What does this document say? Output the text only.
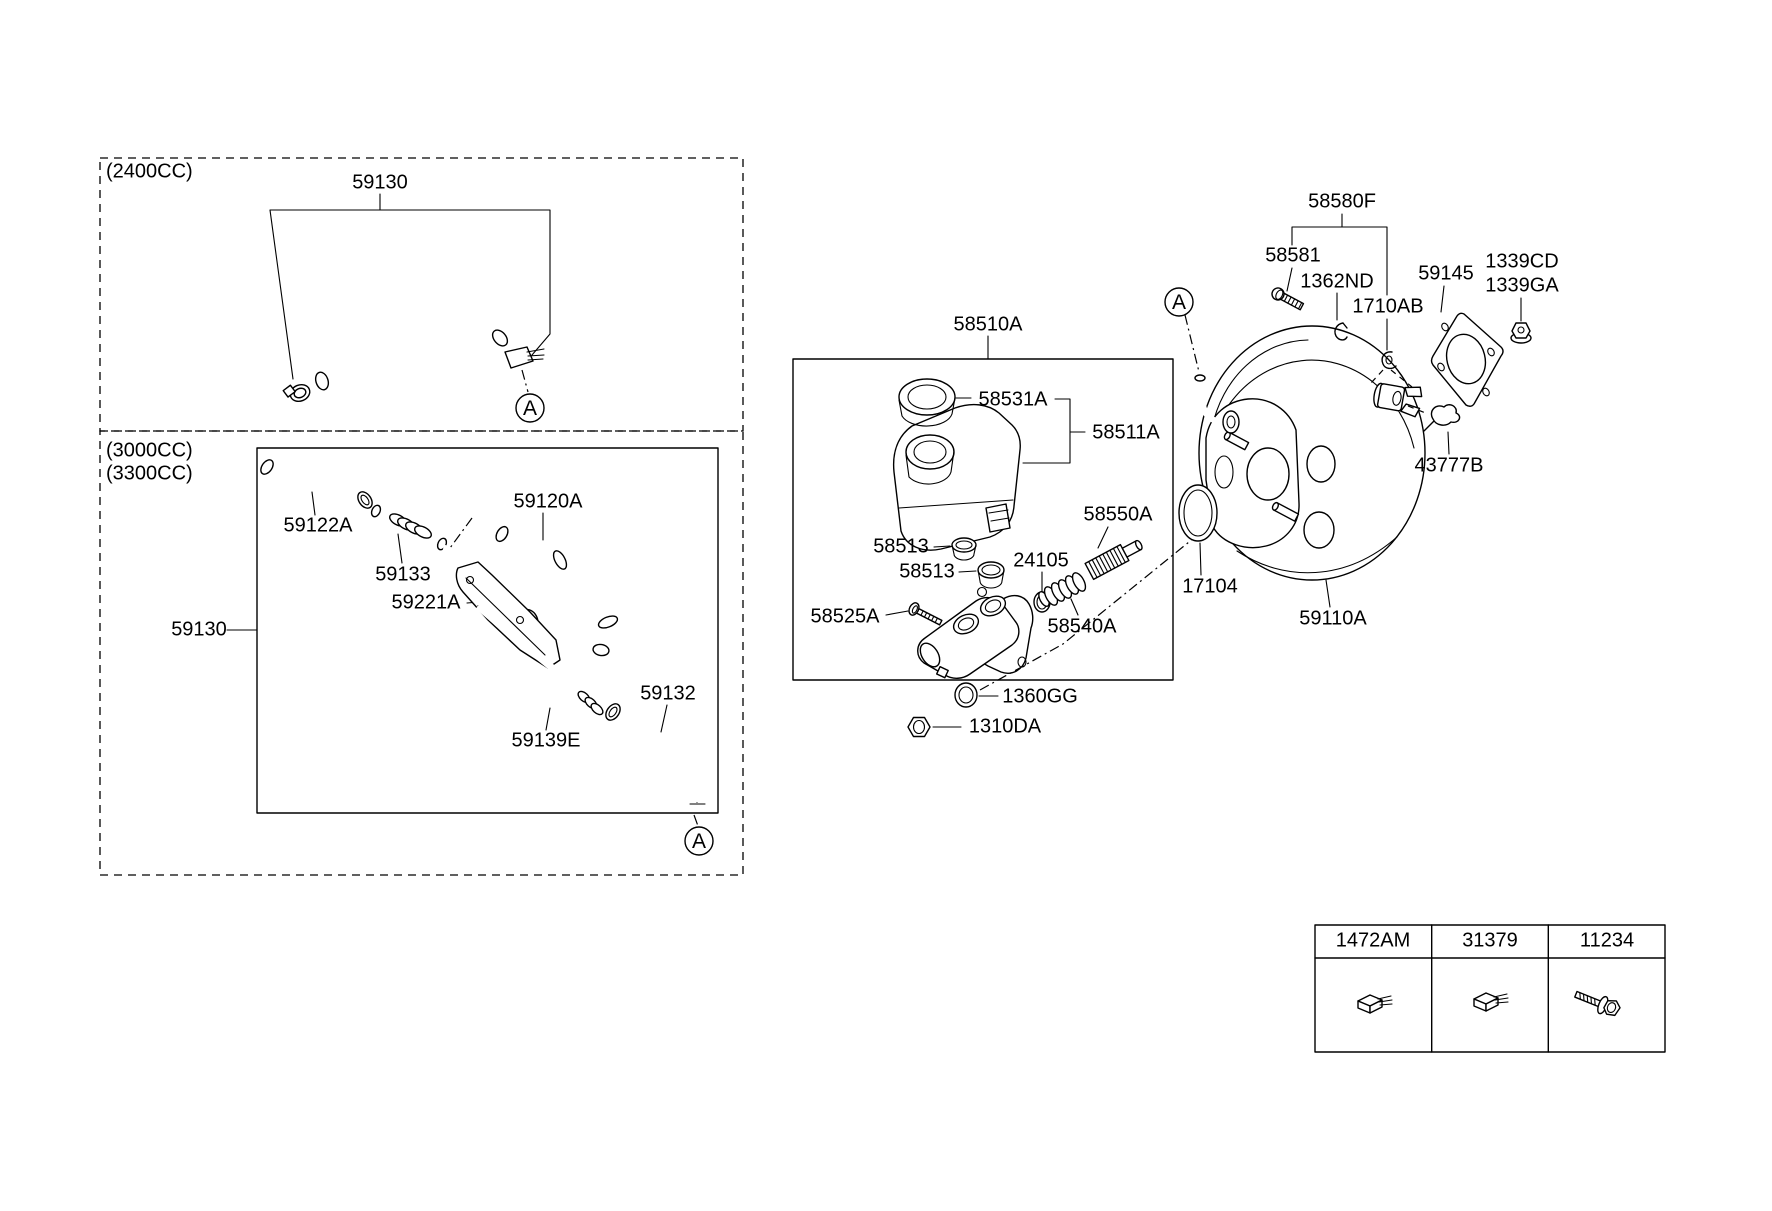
(2400CC)	59130
(3000CC)
(3300CC)
59122A
59120A
59133
59221A
59130
59139E
59132
58510A
58531A
58511A
58513
58513	24105
58550A
58525A	58540A
1360GG
1310DA
17104
59110A
58580F
58581
1362ND
1710AB
59145
1339CD
1339GA
43777B
1472AM	31379	11234
A
A
A
